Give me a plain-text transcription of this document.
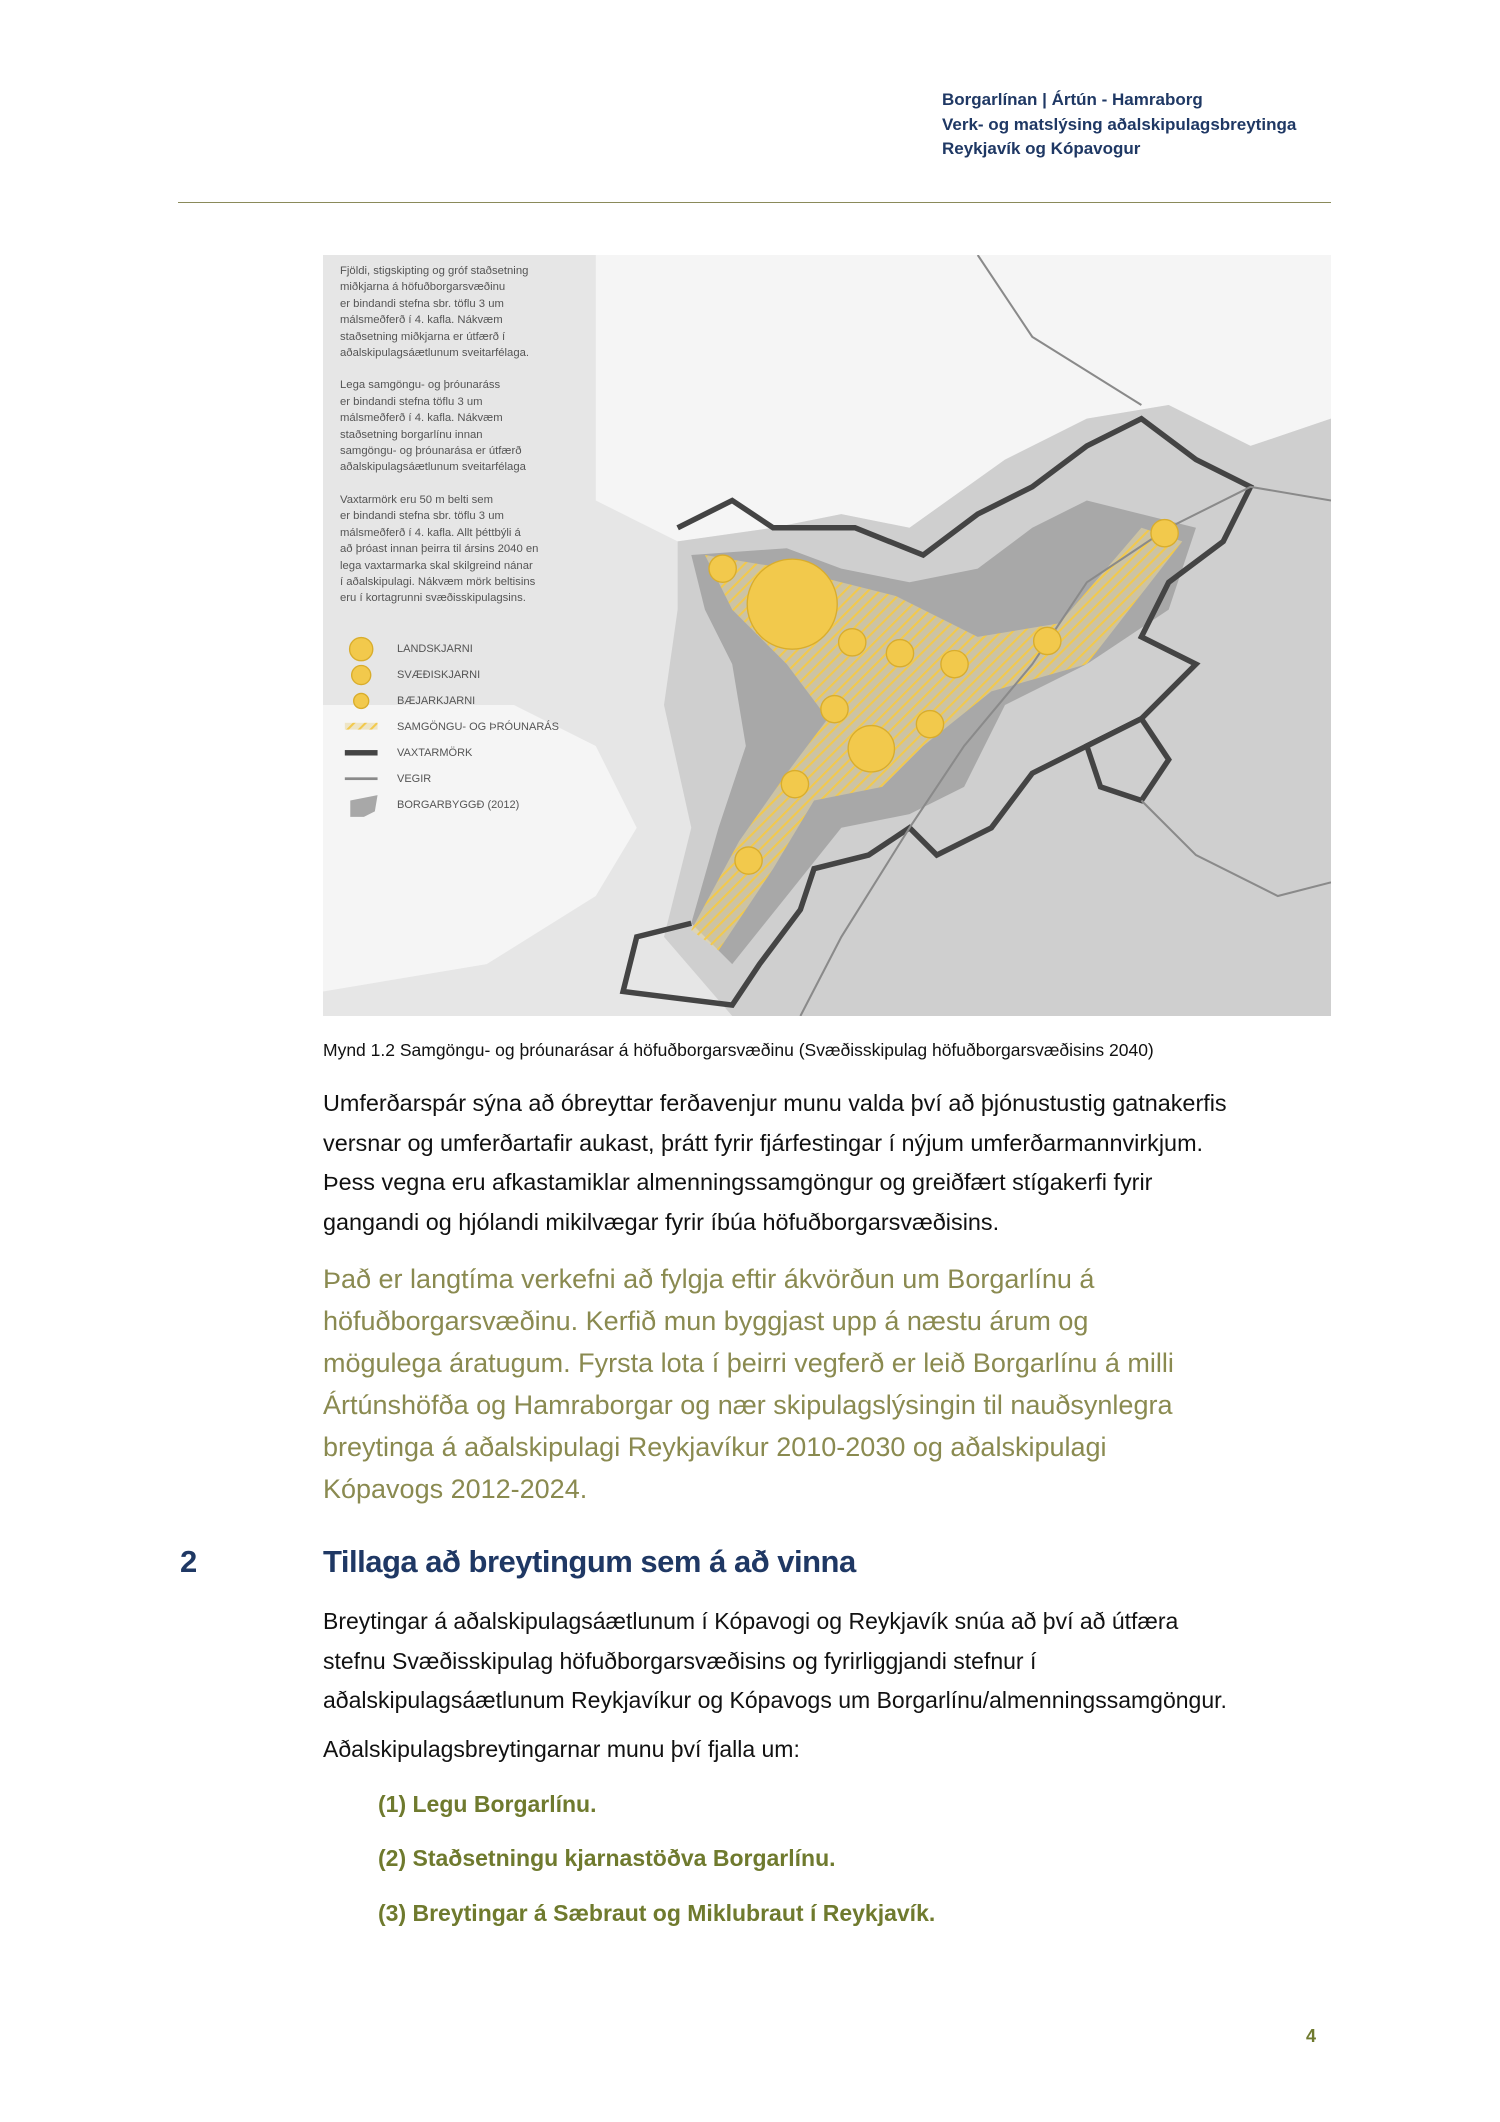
Borgarlínan | Ártún - Hamraborg
Verk- og matslýsing aðalskipulagsbreytinga
Reykjavík og Kópavogur

Fjöldi, stigskipting og gróf staðsetning
miðkjarna á höfuðborgarsvæðinu
er bindandi stefna sbr. töflu 3 um
málsmeðferð í 4. kafla. Nákvæm
staðsetning miðkjarna er útfærð í
aðalskipulagsáætlunum sveitarfélaga.

Lega samgöngu- og þróunaráss
er bindandi stefna töflu 3 um
málsmeðferð í 4. kafla. Nákvæm
staðsetning borgarlínu innan
samgöngu- og þróunarása er útfærð
aðalskipulagsáætlunum sveitarfélaga

Vaxtarmörk eru 50 m belti sem
er bindandi stefna sbr. töflu 3 um
málsmeðferð í 4. kafla. Allt þéttbýli á
að þróast innan þeirra til ársins 2040 en
lega vaxtarmarka skal skilgreind nánar
í aðalskipulagi. Nákvæm mörk beltisins
eru í kortagrunni svæðisskipulagsins.

LANDSKJARNI
SVÆÐISKJARNI
BÆJARKJARNI
SAMGÖNGU- OG ÞRÓUNARÁS
VAXTARMÖRK
VEGIR
BORGARBYGGÐ (2012)
Mynd 1.2 Samgöngu- og þróunarásar á höfuðborgarsvæðinu (Svæðisskipulag höfuðborgarsvæðisins 2040)
Umferðarspár sýna að óbreyttar ferðavenjur munu valda því að þjónustustig gatnakerfis
versnar og umferðartafir aukast, þrátt fyrir fjárfestingar í nýjum umferðarmannvirkjum.
Þess vegna eru afkastamiklar almenningssamgöngur og greiðfært stígakerfi fyrir
gangandi og hjólandi mikilvægar fyrir íbúa höfuðborgarsvæðisins.
Það er langtíma verkefni að fylgja eftir ákvörðun um Borgarlínu á
höfuðborgarsvæðinu. Kerfið mun byggjast upp á næstu árum og
mögulega áratugum. Fyrsta lota í þeirri vegferð er leið Borgarlínu á milli
Ártúnshöfða og Hamraborgar og nær skipulagslýsingin til nauðsynlegra
breytinga á aðalskipulagi Reykjavíkur 2010-2030 og aðalskipulagi
Kópavogs 2012-2024.
2	Tillaga að breytingum sem á að vinna
Breytingar á aðalskipulagsáætlunum í Kópavogi og Reykjavík snúa að því að útfæra
stefnu Svæðisskipulag höfuðborgarsvæðisins og fyrirliggjandi stefnur í
aðalskipulagsáætlunum Reykjavíkur og Kópavogs um Borgarlínu/almenningssamgöngur.
Aðalskipulagsbreytingarnar munu því fjalla um:
(1) Legu Borgarlínu.
(2) Staðsetningu kjarnastöðva Borgarlínu.
(3) Breytingar á Sæbraut og Miklubraut í Reykjavík.
4
